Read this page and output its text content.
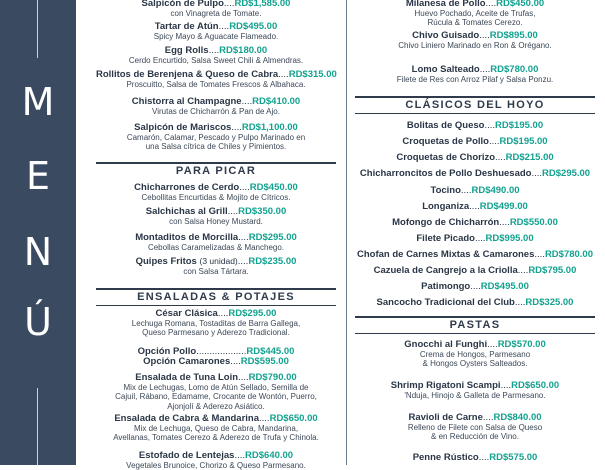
M
E
N
Ú
Salpicón de Pulpo....RD$1,585.00
con Vinagreta de Tomate.
Tartar de Atún....RD$495.00
Spicy Mayo & Aguacate Flameado.
Egg Rolls....RD$180.00
Cerdo Encurtido, Salsa Sweet Chili & Almendras.
Rollitos de Berenjena & Queso de Cabra....RD$315.00
Proscuitto, Salsa de Tomates Frescos & Albahaca.
Chistorra al Champagne....RD$410.00
Virutas de Chicharrón & Pan de Ajo.
Salpicón de Mariscos....RD$1,100.00
Camarón, Calamar, Pescado y Pulpo Marinado en
una Salsa cítrica de Chiles y Pimientos.
PARA PICAR
Chicharrones de Cerdo....RD$450.00
Cebollitas Encurtidas & Mojito de Cítricos.
Salchichas al Grill....RD$350.00
con Salsa Honey Mustard.
Montaditos de Morcilla....RD$295.00
Cebollas Caramelizadas & Manchego.
Quipes Fritos (3 unidad)....RD$235.00
con Salsa Tártara.
ENSALADAS & POTAJES
César Clásica....RD$295.00
Lechuga Romana, Tostaditas de Barra Gallega,
Queso Parmesano y Aderezo Tradicional.
Opción Pollo...................RD$445.00
Opción Camarones....RD$595.00
Ensalada de Tuna Loin....RD$790.00
Mix de Lechugas, Lomo de Atún Sellado, Semilla de
Cajuil, Rábano, Edamame, Crocante de Wontón, Puerro,
Ajonjolí & Aderezo Asiático.
Ensalada de Cabra & Mandarina....RD$650.00
Mix de Lechuga, Queso de Cabra, Mandarina,
Avellanas, Tomates Cerezo & Aderezo de Trufa y Chinola.
Estofado de Lentejas....RD$640.00
Vegetales Brunoice, Chorizo & Queso Parmesano.
Milanesa de Pollo....RD$450.00
Huevo Pochado, Aceite de Trufas,
Rúcula & Tomates Cerezo.
Chivo Guisado....RD$895.00
Chivo Liniero Marinado en Ron & Orégano.
Lomo Salteado....RD$780.00
Filete de Res con Arroz Pilaf y Salsa Ponzu.
CLÁSICOS DEL HOYO
Bolitas de Queso....RD$195.00
Croquetas de Pollo....RD$195.00
Croquetas de Chorizo....RD$215.00
Chicharroncitos de Pollo Deshuesado....RD$295.00
Tocino....RD$490.00
Longaniza....RD$499.00
Mofongo de Chicharrón....RD$550.00
Filete Picado....RD$995.00
Chofan de Carnes Mixtas & Camarones....RD$780.00
Cazuela de Cangrejo a la Criolla....RD$795.00
Patimongo....RD$495.00
Sancocho Tradicional del Club....RD$325.00
PASTAS
Gnocchi al Funghi....RD$570.00
Crema de Hongos, Parmesano
& Hongos Oysters Salteados.
Shrimp Rigatoni Scampi....RD$650.00
'Nduja, Hinojo & Galleta de Parmesano.
Ravioli de Carne....RD$840.00
Relleno de Filete con Salsa de Queso
& en Reducción de Vino.
Penne Rústico....RD$575.00
